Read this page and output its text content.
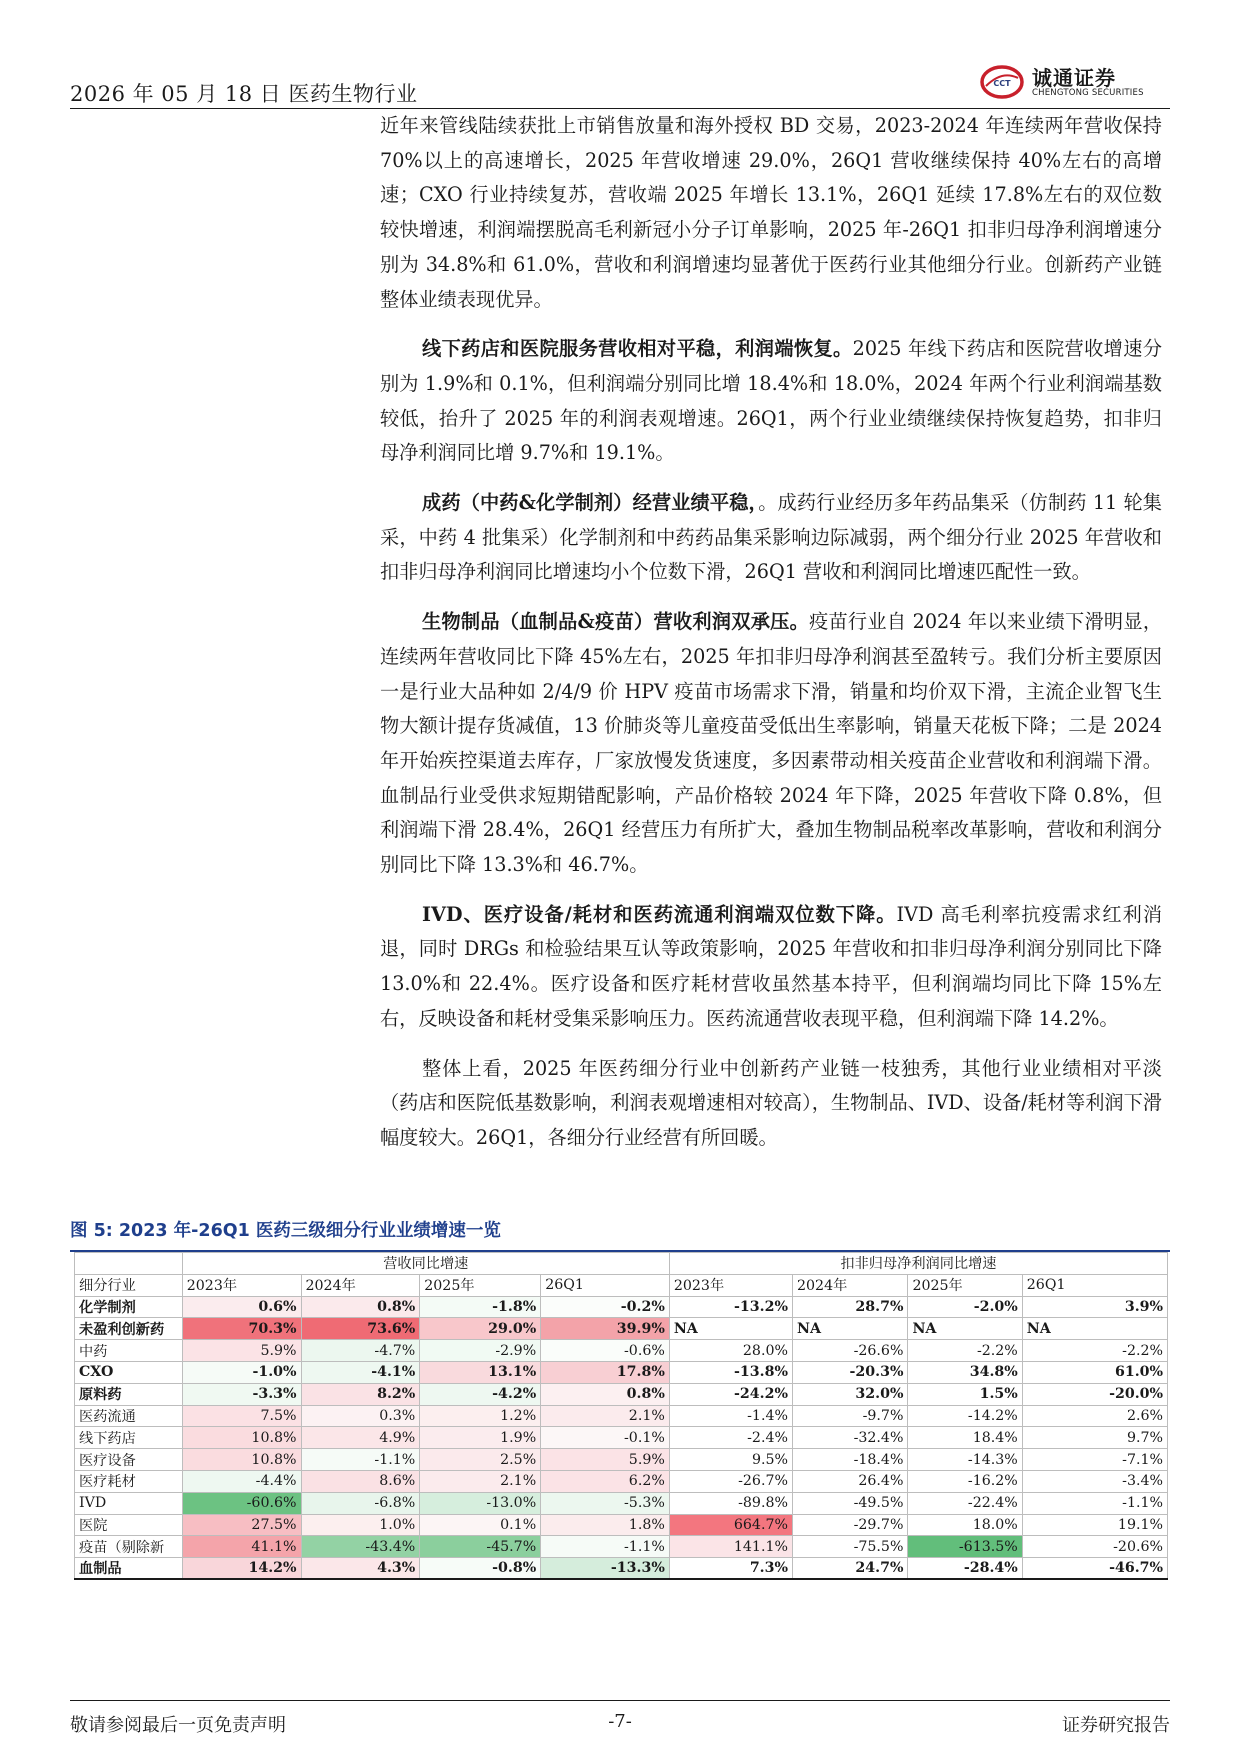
2026 年 05 月 18 日 医药生物行业	CCT 诚通证券
CHENGTONG SECURITIES

近年来管线陆续获批上市销售放量和海外授权 BD 交易，2023-2024 年连续两年营收保持 70%以上的高速增长，2025 年营收增速 29.0%，26Q1 营收继续保持 40%左右的高增速；CXO 行业持续复苏，营收端 2025 年增长 13.1%，26Q1 延续 17.8%左右的双位数较快增速，利润端摆脱高毛利新冠小分子订单影响，2025 年-26Q1 扣非归母净利润增速分别为 34.8%和 61.0%，营收和利润增速均显著优于医药行业其他细分行业。创新药产业链整体业绩表现优异。

线下药店和医院服务营收相对平稳，利润端恢复。2025 年线下药店和医院营收增速分别为 1.9%和 0.1%，但利润端分别同比增 18.4%和 18.0%，2024 年两个行业利润端基数较低，抬升了 2025 年的利润表观增速。26Q1，两个行业业绩继续保持恢复趋势，扣非归母净利润同比增 9.7%和 19.1%。

成药（中药&化学制剂）经营业绩平稳，。成药行业经历多年药品集采（仿制药 11 轮集采，中药 4 批集采）化学制剂和中药药品集采影响边际减弱，两个细分行业 2025 年营收和扣非归母净利润同比增速均小个位数下滑，26Q1 营收和利润同比增速匹配性一致。

生物制品（血制品&疫苗）营收利润双承压。疫苗行业自 2024 年以来业绩下滑明显，连续两年营收同比下降 45%左右，2025 年扣非归母净利润甚至盈转亏。我们分析主要原因一是行业大品种如 2/4/9 价 HPV 疫苗市场需求下滑，销量和均价双下滑，主流企业智飞生物大额计提存货减值，13 价肺炎等儿童疫苗受低出生率影响，销量天花板下降；二是 2024 年开始疾控渠道去库存，厂家放慢发货速度，多因素带动相关疫苗企业营收和利润端下滑。血制品行业受供求短期错配影响，产品价格较 2024 年下降，2025 年营收下降 0.8%，但利润端下滑 28.4%，26Q1 经营压力有所扩大，叠加生物制品税率改革影响，营收和利润分别同比下降 13.3%和 46.7%。

IVD、医疗设备/耗材和医药流通利润端双位数下降。IVD 高毛利率抗疫需求红利消退，同时 DRGs 和检验结果互认等政策影响，2025 年营收和扣非归母净利润分别同比下降 13.0%和 22.4%。医疗设备和医疗耗材营收虽然基本持平，但利润端均同比下降 15%左右，反映设备和耗材受集采影响压力。医药流通营收表现平稳，但利润端下降 14.2%。

整体上看，2025 年医药细分行业中创新药产业链一枝独秀，其他行业业绩相对平淡（药店和医院低基数影响，利润表观增速相对较高），生物制品、IVD、设备/耗材等利润下滑幅度较大。26Q1，各细分行业经营有所回暖。

图 5: 2023 年-26Q1 医药三级细分行业业绩增速一览
	营收同比增速				扣非归母净利润同比增速			
细分行业	2023年	2024年	2025年	26Q1	2023年	2024年	2025年	26Q1
化学制剂	0.6%	0.8%	-1.8%	-0.2%	-13.2%	28.7%	-2.0%	3.9%
未盈利创新药	70.3%	73.6%	29.0%	39.9%	NA	NA	NA	NA
中药	5.9%	-4.7%	-2.9%	-0.6%	28.0%	-26.6%	-2.2%	-2.2%
CXO	-1.0%	-4.1%	13.1%	17.8%	-13.8%	-20.3%	34.8%	61.0%
原料药	-3.3%	8.2%	-4.2%	0.8%	-24.2%	32.0%	1.5%	-20.0%
医药流通	7.5%	0.3%	1.2%	2.1%	-1.4%	-9.7%	-14.2%	2.6%
线下药店	10.8%	4.9%	1.9%	-0.1%	-2.4%	-32.4%	18.4%	9.7%
医疗设备	10.8%	-1.1%	2.5%	5.9%	9.5%	-18.4%	-14.3%	-7.1%
医疗耗材	-4.4%	8.6%	2.1%	6.2%	-26.7%	26.4%	-16.2%	-3.4%
IVD	-60.6%	-6.8%	-13.0%	-5.3%	-89.8%	-49.5%	-22.4%	-1.1%
医院	27.5%	1.0%	0.1%	1.8%	664.7%	-29.7%	18.0%	19.1%
疫苗（剔除新	41.1%	-43.4%	-45.7%	-1.1%	141.1%	-75.5%	-613.5%	-20.6%
血制品	14.2%	4.3%	-0.8%	-13.3%	7.3%	24.7%	-28.4%	-46.7%
敬请参阅最后一页免责声明	-7-	证券研究报告
